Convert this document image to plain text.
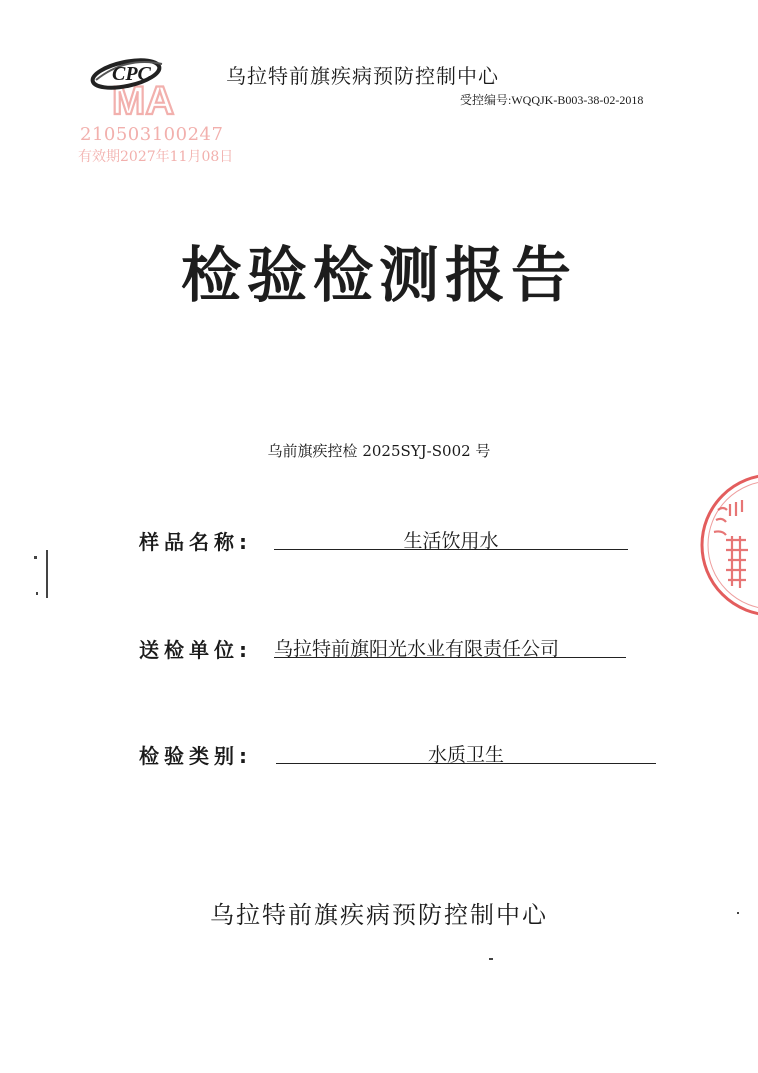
MA
CPC
210503100247
有效期2027年11月08日
乌拉特前旗疾病预防控制中心
受控编号:WQQJK-B003-38-02-2018
检验检测报告
乌前旗疾控检 2025SYJ-S002 号
样品名称:	生活饮用水
送检单位: 乌拉特前旗阳光水业有限责任公司
检验类别:	水质卫生
乌拉特前旗疾病预防控制中心
